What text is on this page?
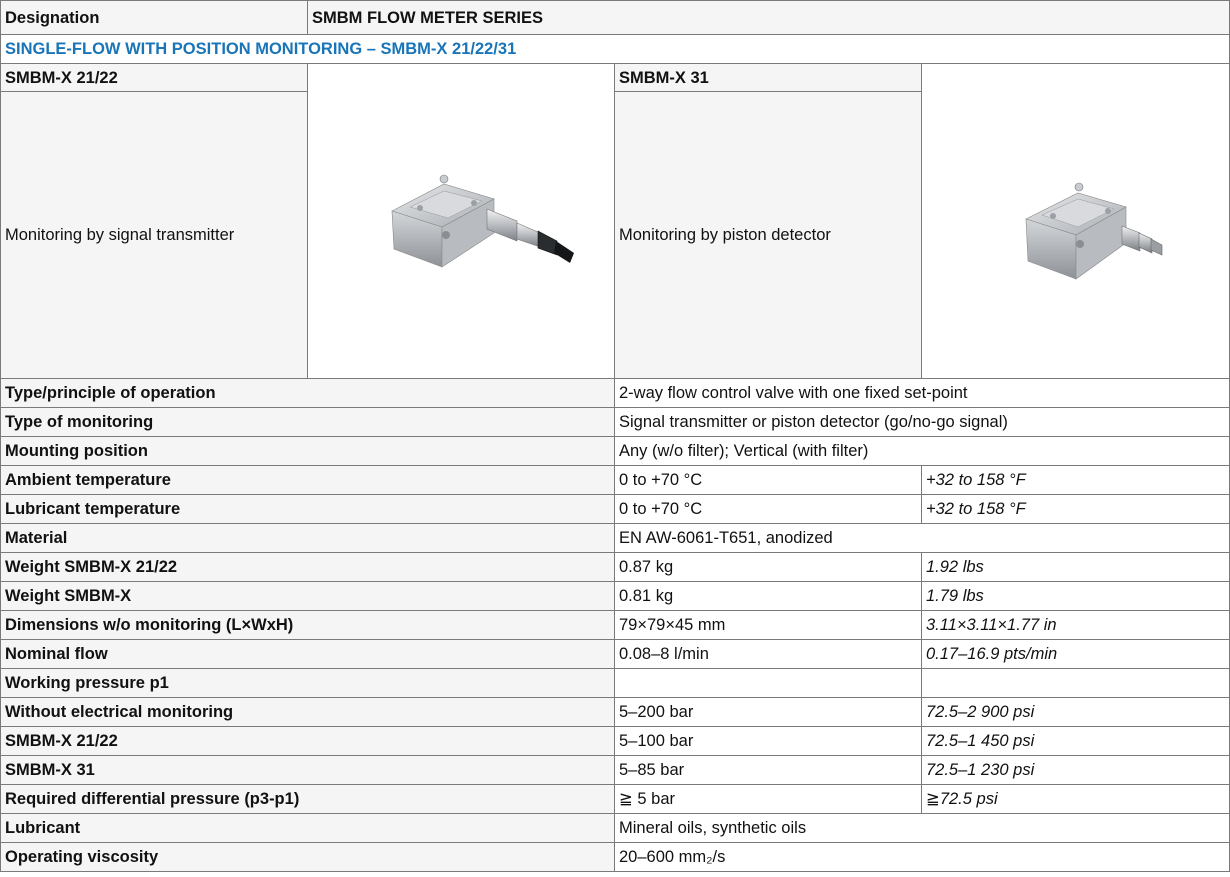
Designation	SMBM FLOW METER SERIES		
SINGLE-FLOW WITH POSITION MONITORING – SMBM-X 21/22/31			
SMBM-X 21/22		SMBM-X 31	

Monitoring by signal transmitter		Monitoring by piston detector	
Type/principle of operation		2-way flow control valve with one fixed set-point	
Type of monitoring		Signal transmitter or piston detector (go/no-go signal)	
Mounting position		Any (w/o filter); Vertical (with filter)	
Ambient temperature		0 to +70 °C	+32 to 158 °F
Lubricant temperature		0 to +70 °C	+32 to 158 °F
Material		EN AW-6061-T651, anodized	
Weight SMBM-X 21/22		0.87 kg	1.92 lbs
Weight SMBM-X		0.81 kg	1.79 lbs
Dimensions w/o monitoring (L×WxH)		79×79×45 mm	3.11×3.11×1.77 in
Nominal flow		0.08–8 l/min	0.17–16.9 pts/min
Working pressure p1			
Without electrical monitoring		5–200 bar	72.5–2 900 psi
SMBM-X 21/22		5–100 bar	72.5–1 450 psi
SMBM-X 31		5–85 bar	72.5–1 230 psi
Required differential pressure (p3-p1)		≧ 5 bar	≧72.5 psi
Lubricant		Mineral oils, synthetic oils	
Operating viscosity		20–600 mm₂/s	
